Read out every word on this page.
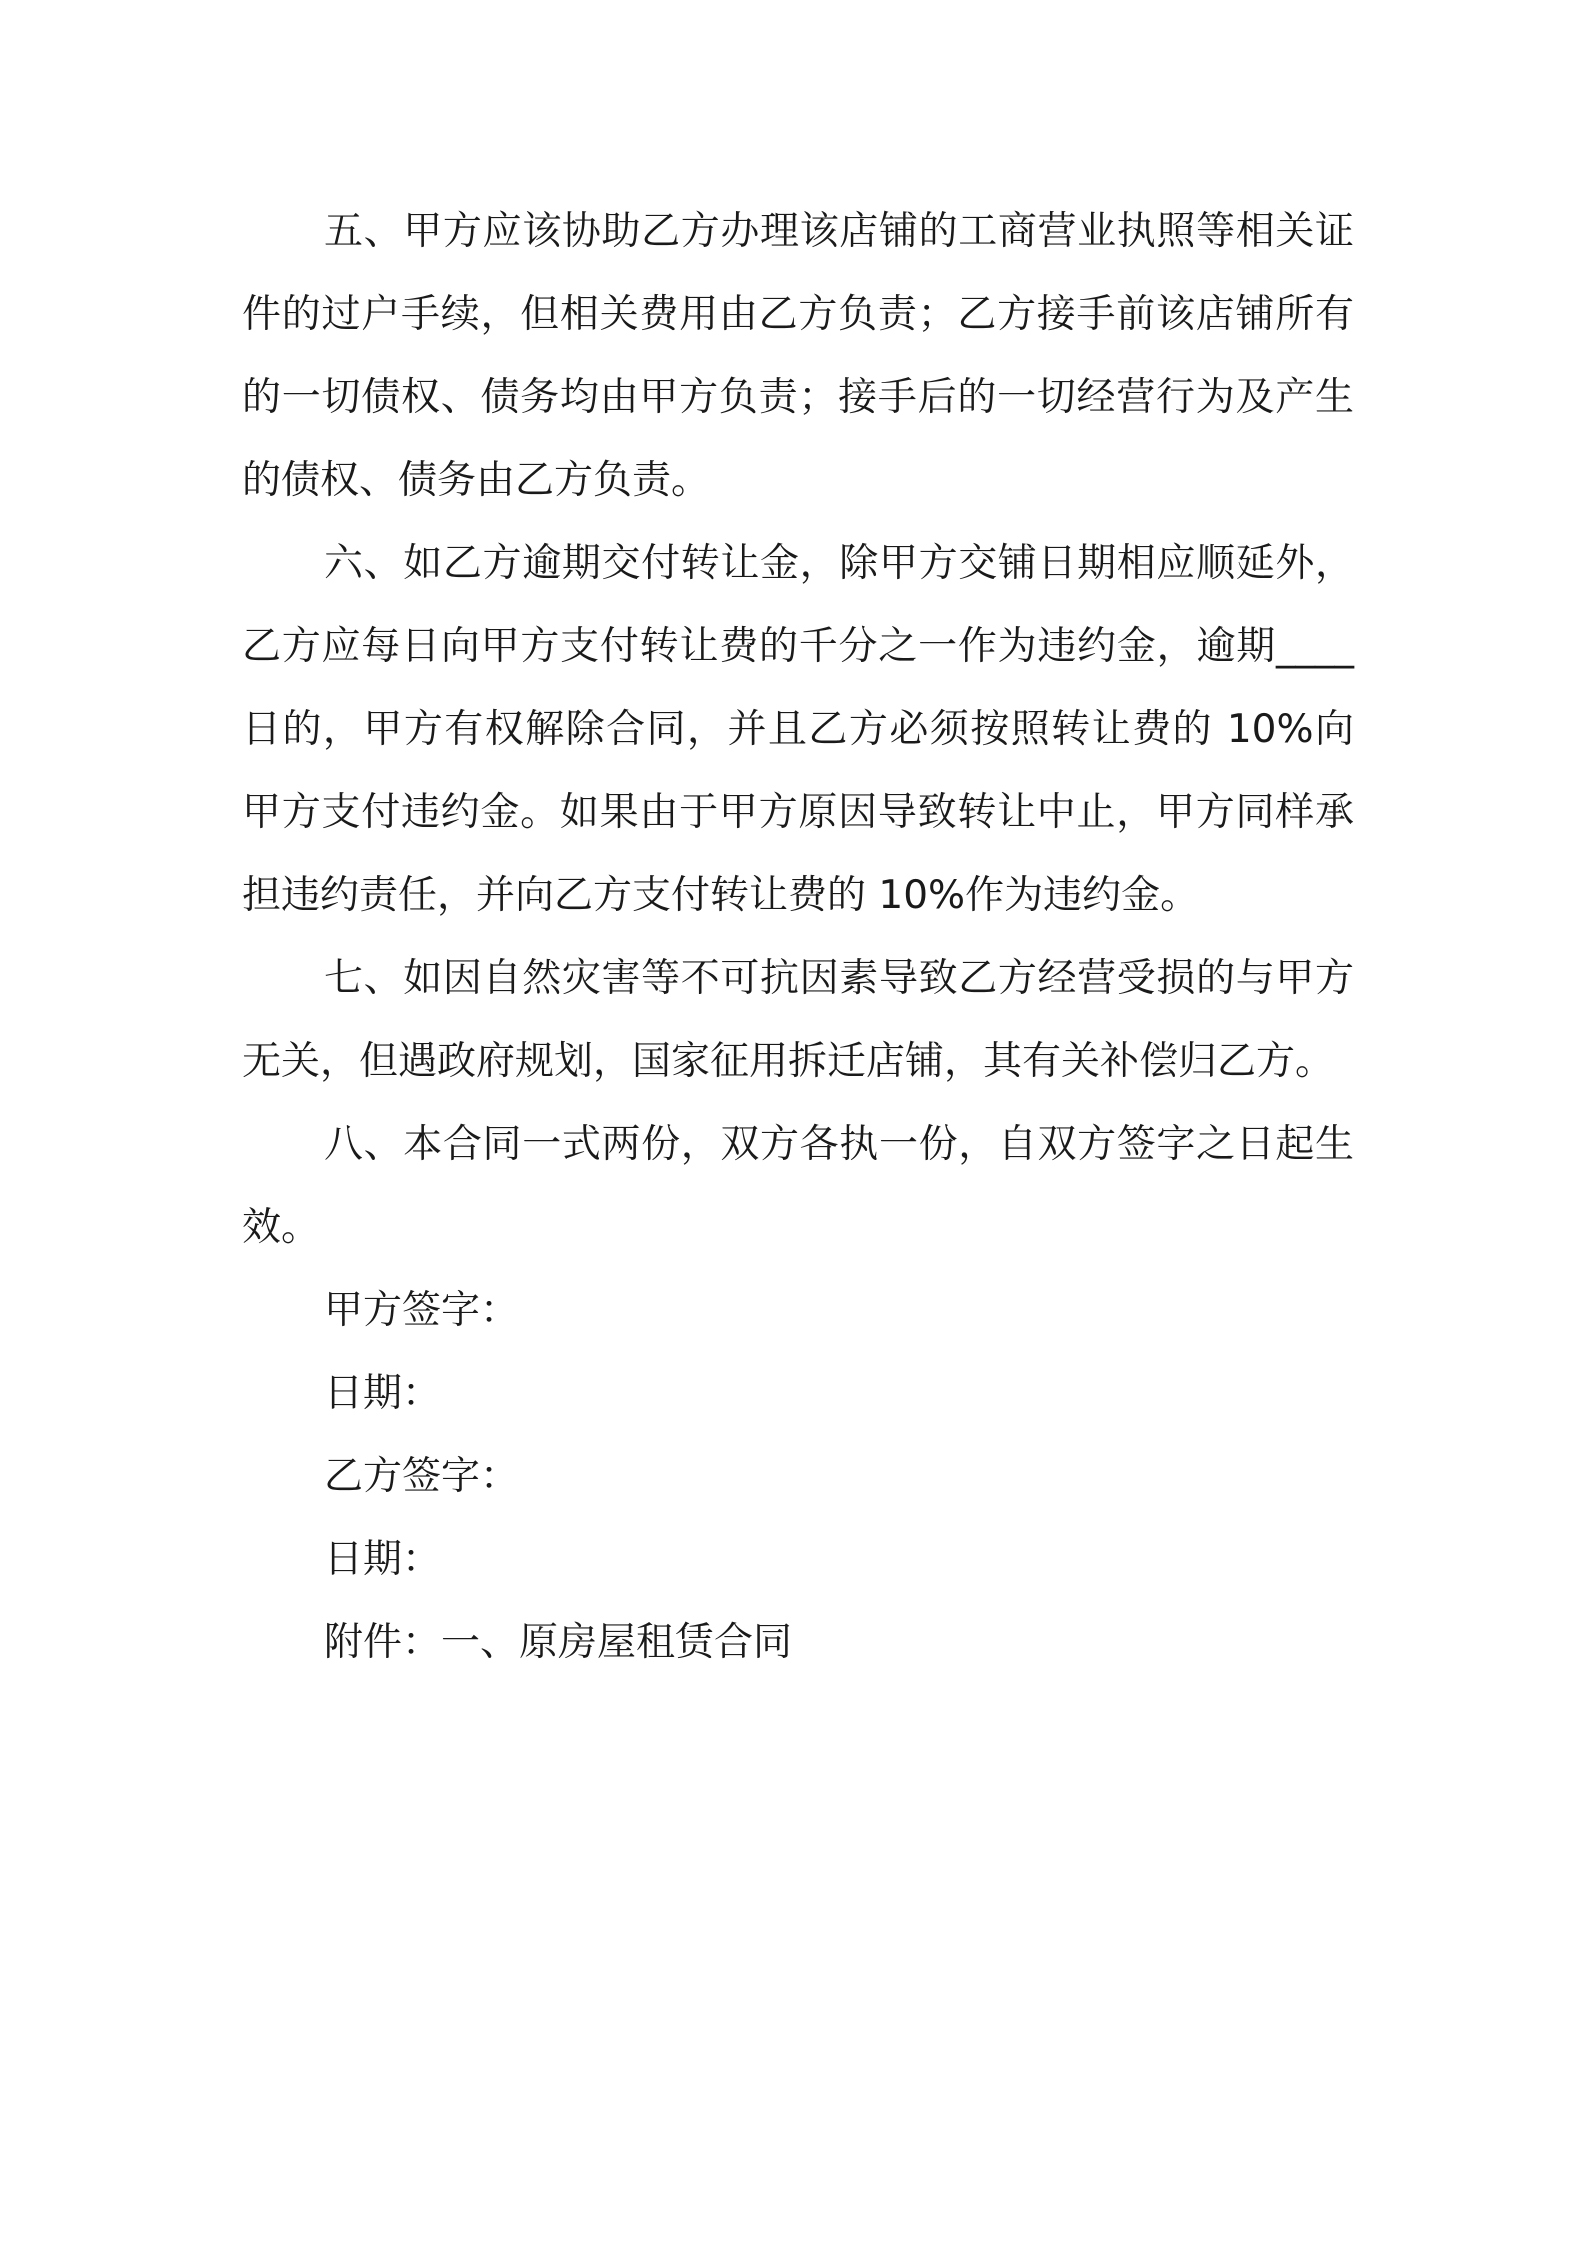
五、甲方应该协助乙方办理该店铺的工商营业执照等相关证件的过户手续，但相关费用由乙方负责；乙方接手前该店铺所有的一切债权、债务均由甲方负责；接手后的一切经营行为及产生的债权、债务由乙方负责。

六、如乙方逾期交付转让金，除甲方交铺日期相应顺延外，乙方应每日向甲方支付转让费的千分之一作为违约金，逾期____日的，甲方有权解除合同，并且乙方必须按照转让费的 10%向甲方支付违约金。如果由于甲方原因导致转让中止，甲方同样承担违约责任，并向乙方支付转让费的 10%作为违约金。

七、如因自然灾害等不可抗因素导致乙方经营受损的与甲方无关，但遇政府规划，国家征用拆迁店铺，其有关补偿归乙方。

八、本合同一式两份，双方各执一份，自双方签字之日起生效。

甲方签字：

日期：

乙方签字：

日期：

附件：一、原房屋租赁合同
